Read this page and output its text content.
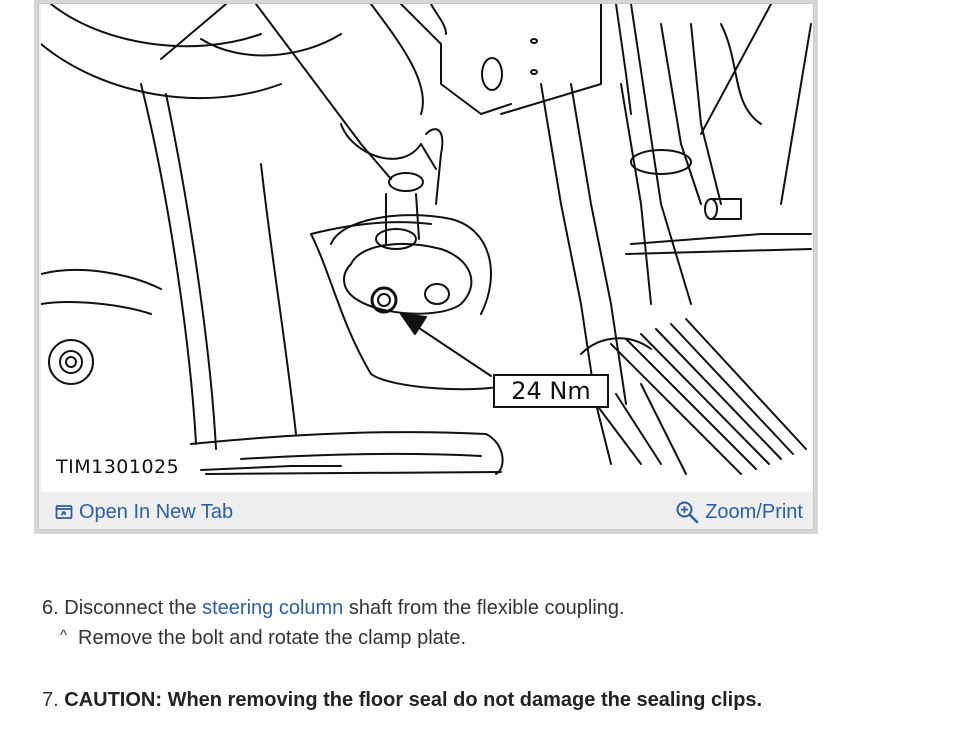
TIM1301025
24 Nm
Open In New Tab	Zoom/Print
6. Disconnect the steering column shaft from the flexible coupling.
^ Remove the bolt and rotate the clamp plate.
7. CAUTION: When removing the floor seal do not damage the sealing clips.
